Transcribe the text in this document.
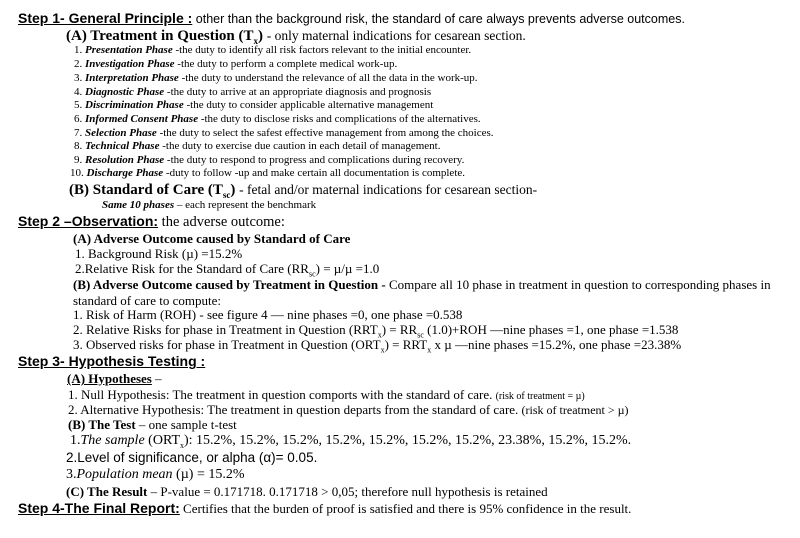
Step 1- General Principle : other than the background risk, the standard of care always prevents adverse outcomes.
(A) Treatment in Question $(T_x)$ - only maternal indications for cesarean section.
1. Presentation Phase -the duty to identify all risk factors relevant to the initial encounter.
2. Investigation Phase -the duty to perform a complete medical work-up.
3. Interpretation Phase -the duty to understand the relevance of all the data in the work-up.
4. Diagnostic Phase -the duty to arrive at an appropriate diagnosis and prognosis
5. Discrimination Phase -the duty to consider applicable alternative management
6. Informed Consent Phase -the duty to disclose risks and complications of the alternatives.
7. Selection Phase -the duty to select the safest effective management from among the choices.
8. Technical Phase -the duty to exercise due caution in each detail of management.
9. Resolution Phase -the duty to respond to progress and complications during recovery.
10. Discharge Phase -duty to follow -up and make certain all documentation is complete.
(B) Standard of Care $(T_{sc})$ - fetal and/or maternal indications for cesarean section-
Same 10 phases – each represent the benchmark
Step 2 –Observation: the adverse outcome:
(A) Adverse Outcome caused by Standard of Care
1. Background Risk (µ) =15.2%
2.Relative Risk for the Standard of Care $(RR_{sc}) = \mu/\mu =1.0$
(B) Adverse Outcome caused by Treatment in Question - Compare all 10 phase in treatment in question to corresponding phases in standard of care to compute:
1. Risk of Harm (ROH) - see figure 4 — nine phases =0, one phase =0.538
2. Relative Risks for phase in Treatment in Question $(RRT_x) = RR_{sc}$ (1.0)+ROH —nine phases =1, one phase =1.538
3. Observed risks for phase in Treatment in Question $(ORT_x) = RRT_x$ x µ —nine phases =15.2%, one phase =23.38%
Step 3- Hypothesis Testing :
(A) Hypotheses –
1. Null Hypothesis: The treatment in question comports with the standard of care. (risk of treatment = µ)
2. Alternative Hypothesis: The treatment in question departs from the standard of care. (risk of treatment > µ)
(B) The Test – one sample t-test
1.The sample $(ORT_x)$: 15.2%, 15.2%, 15.2%, 15.2%, 15.2%, 15.2%, 15.2%, 23.38%, 15.2%, 15.2%.
2.Level of significance, or alpha (α)= 0.05.
3.Population mean (µ) = 15.2%
(C) The Result – P-value = 0.171718. 0.171718 > 0,05; therefore null hypothesis is retained
Step 4-The Final Report: Certifies that the burden of proof is satisfied and there is 95% confidence in the result.
